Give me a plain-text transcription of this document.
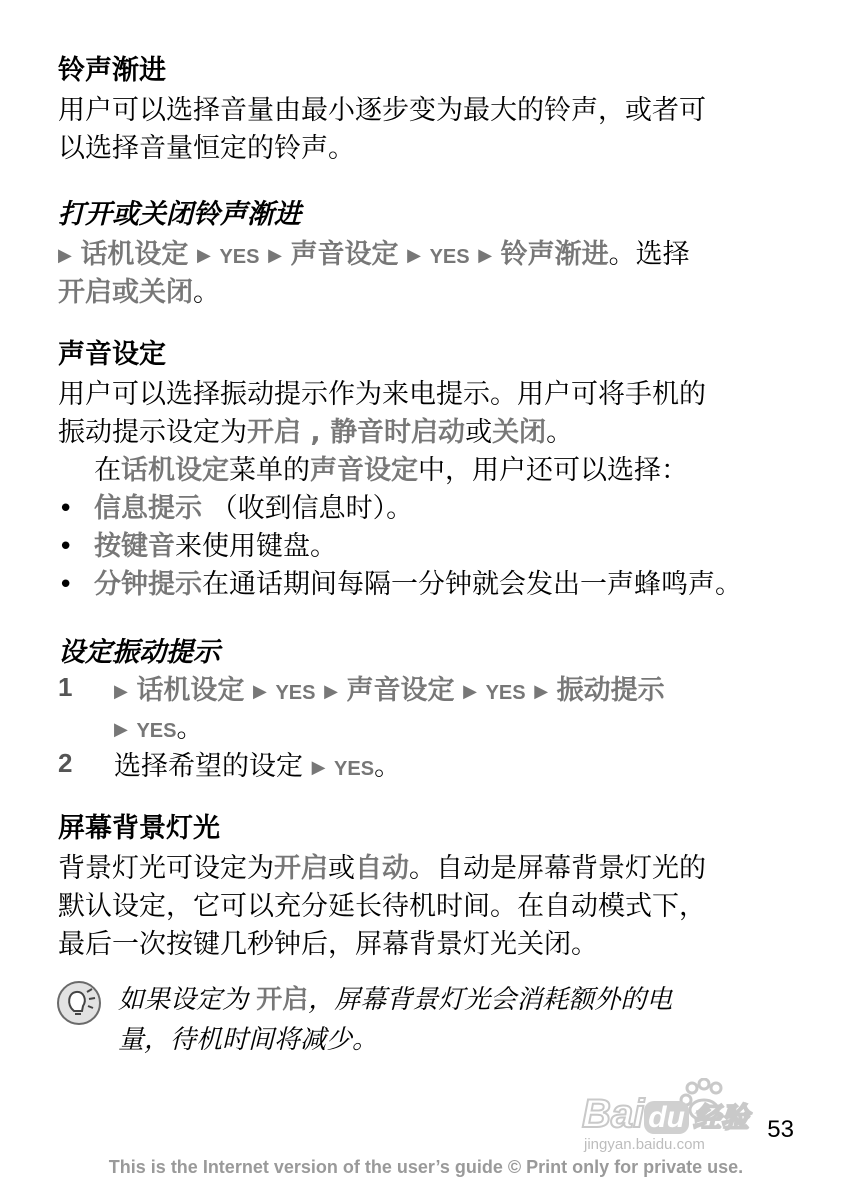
铃声渐进
用户可以选择音量由最小逐步变为最大的铃声，或者可
以选择音量恒定的铃声。
打开或关闭铃声渐进
▶ 话机设定 ▶ YES ▶ 声音设定 ▶ YES ▶ 铃声渐进。选择
开启或关闭。
声音设定
用户可以选择振动提示作为来电提示。用户可将手机的
振动提示设定为开启 , 静音时启动或关闭。
在话机设定菜单的声音设定中，用户还可以选择：
• 信息提示 （收到信息时）。
• 按键音来使用键盘。
• 分钟提示在通话期间每隔一分钟就会发出一声蜂鸣声。
设定振动提示
1 ▶ 话机设定 ▶ YES ▶ 声音设定 ▶ YES ▶ 振动提示
▶ YES。
2 选择希望的设定 ▶ YES。
屏幕背景灯光
背景灯光可设定为开启或自动。自动是屏幕背景灯光的
默认设定，它可以充分延长待机时间。在自动模式下，
最后一次按键几秒钟后，屏幕背景灯光关闭。
如果设定为 开启，屏幕背景灯光会消耗额外的电
量，待机时间将减少。
Bai du 经验
jingyan.baidu.com
53
This is the Internet version of the user’s guide © Print only for private use.
